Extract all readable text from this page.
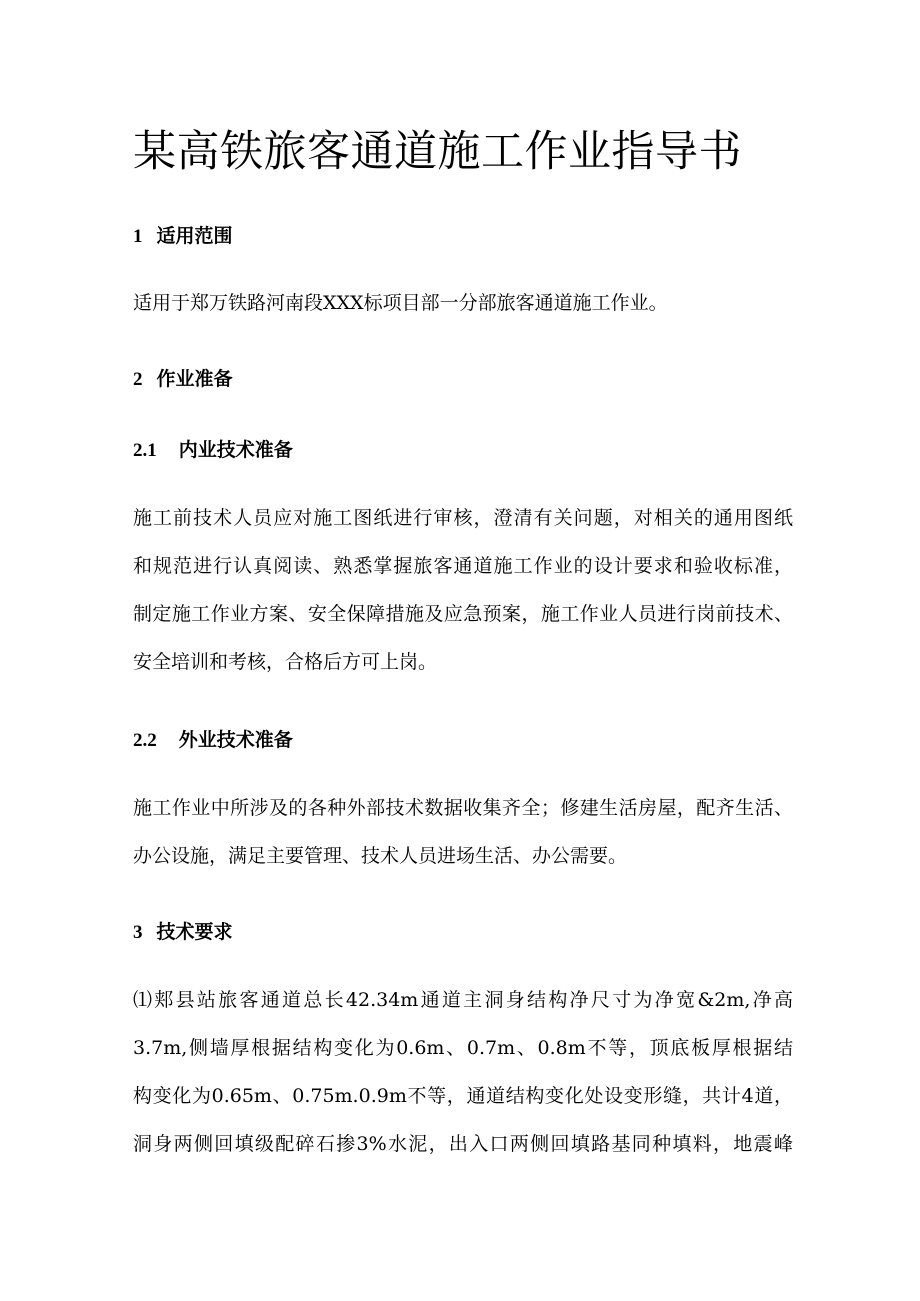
某高铁旅客通道施工作业指导书
1 适用范围

适用于郑万铁路河南段XXX标项目部一分部旅客通道施工作业。

2 作业准备
2.1 内业技术准备

施工前技术人员应对施工图纸进行审核，澄清有关问题，对相关的通用图纸
和规范进行认真阅读、熟悉掌握旅客通道施工作业的设计要求和验收标准，
制定施工作业方案、安全保障措施及应急预案，施工作业人员进行岗前技术、
安全培训和考核，合格后方可上岗。

2.2 外业技术准备

施工作业中所涉及的各种外部技术数据收集齐全；修建生活房屋，配齐生活、
办公设施，满足主要管理、技术人员进场生活、办公需要。

3 技术要求

⑴郏县站旅客通道总长42.34m通道主洞身结构净尺寸为净宽&2m,净高
3.7m,侧墙厚根据结构变化为0.6m、0.7m、0.8m不等，顶底板厚根据结
构变化为0.65m、0.75m.0.9m不等，通道结构变化处设变形缝，共计4道，
洞身两侧回填级配碎石掺3%水泥，出入口两侧回填路基同种填料，地震峰
